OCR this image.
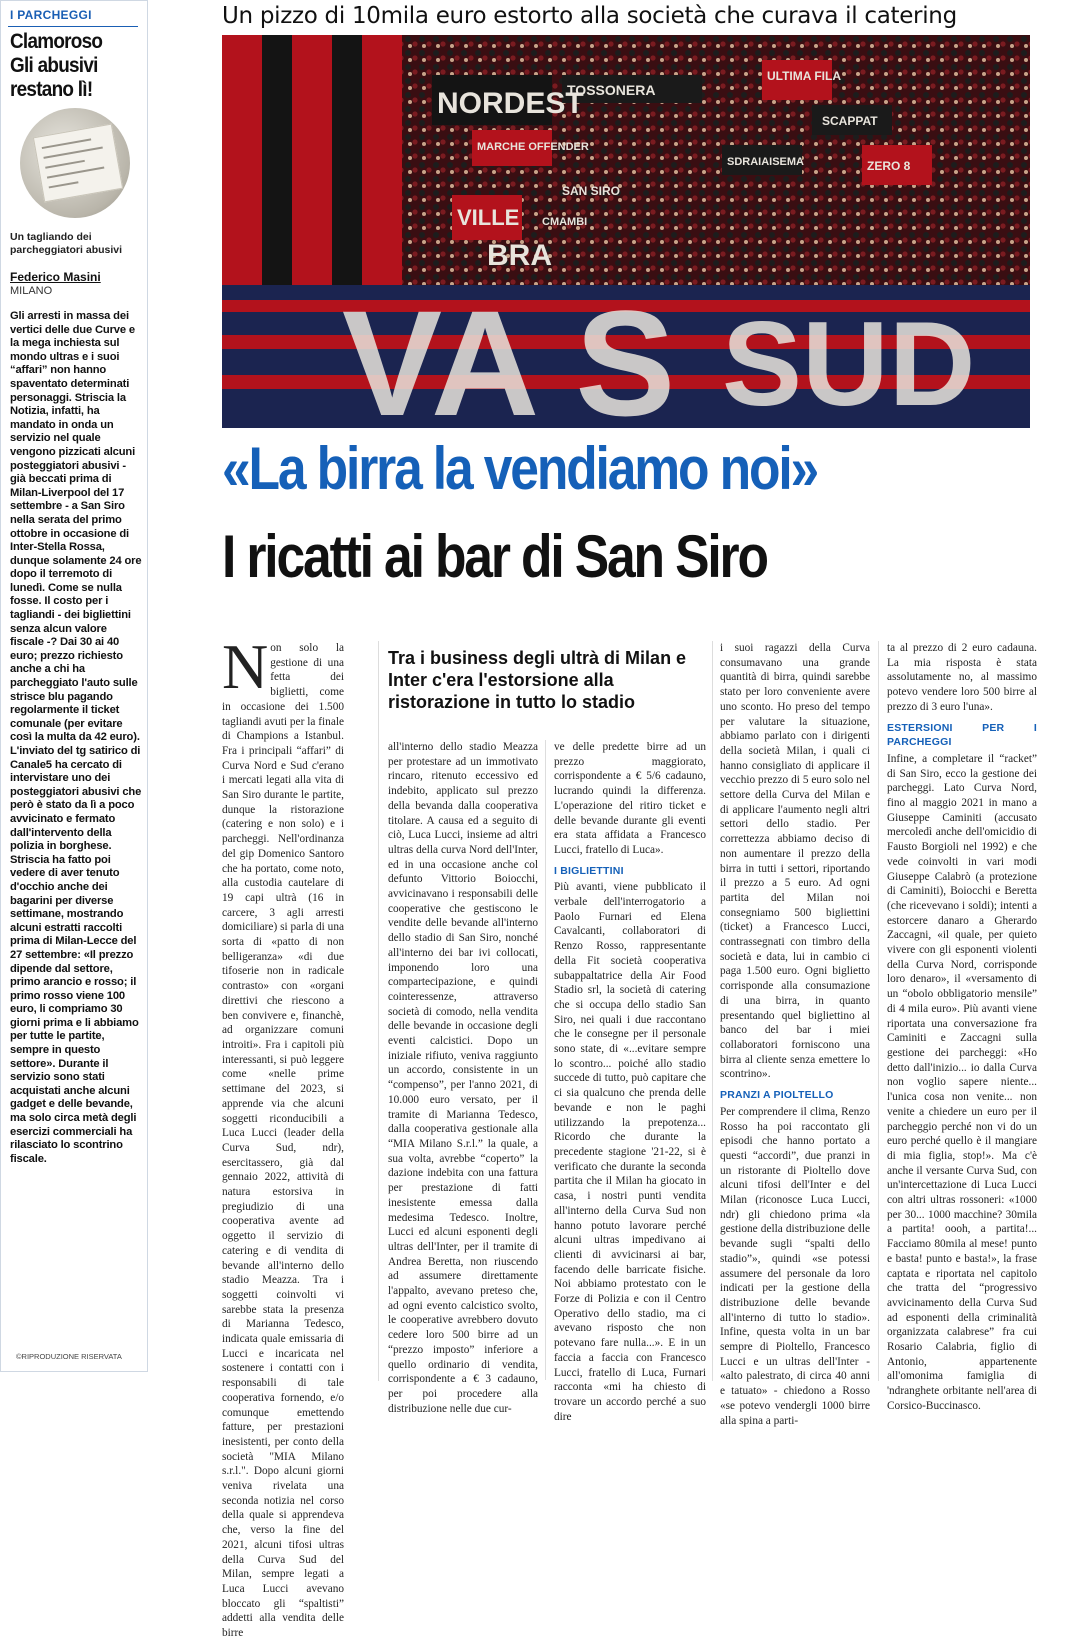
I PARCHEGGI
Clamoroso Gli abusivi restano lì!
Un tagliando dei parcheggiatori abusivi
Federico Masini
MILANO
Gli arresti in massa dei vertici delle due Curve e la mega inchiesta sul mondo ultras e i suoi “affari” non hanno spaventato determinati personaggi. Striscia la Notizia, infatti, ha mandato in onda un servizio nel quale vengono pizzicati alcuni posteggiatori abusivi - già beccati prima di Milan-Liverpool del 17 settembre - a San Siro nella serata del primo ottobre in occasione di Inter-Stella Rossa, dunque solamente 24 ore dopo il terremoto di lunedì. Come se nulla fosse. Il costo per i tagliandi - dei bigliettini senza alcun valore fiscale -? Dai 30 ai 40 euro; prezzo richiesto anche a chi ha parcheggiato l'auto sulle strisce blu pagando regolarmente il ticket comunale (per evitare così la multa da 42 euro). L'inviato del tg satirico di Canale5 ha cercato di intervistare uno dei posteggiatori abusivi che però è stato da lì a poco avvicinato e fermato dall'intervento della polizia in borghese. Striscia ha fatto poi vedere di aver tenuto d'occhio anche dei bagarini per diverse settimane, mostrando alcuni estratti raccolti prima di Milan-Lecce del 27 settembre: «Il prezzo dipende dal settore, primo arancio e rosso; il primo rosso viene 100 euro, li compriamo 30 giorni prima e li abbiamo per tutte le partite, sempre in questo settore». Durante il servizio sono stati acquistati anche alcuni gadget e delle bevande, ma solo circa metà degli esercizi commerciali ha rilasciato lo scontrino fiscale.
©RIPRODUZIONE RISERVATA
Un pizzo di 10mila euro estorto alla società che curava il catering
VA S SUD
NORDEST
ULTIMA FILA
MARCHE OFFENDER
TOSSONERA
VILLE
BRA
ZERO 8
SCAPPAT
SDRAIAISEMA
SAN SIRO
CMAMBI
«La birra la vendiamo noi»
I ricatti ai bar di San Siro
N on solo la gestione di una fetta dei biglietti, come in occasione dei 1.500 tagliandi avuti per la finale di Champions a Istanbul. Fra i principali “affari” di Curva Nord e Sud c'erano i mercati legati alla vita di San Siro durante le partite, dunque la ristorazione (catering e non solo) e i parcheggi. Nell'ordinanza del gip Domenico Santoro che ha portato, come noto, alla custodia cautelare di 19 capi ultrà (16 in carcere, 3 agli arresti domiciliare) si parla di una sorta di «patto di non belligeranza» «di due tifoserie non in radicale contrasto» con «organi direttivi che riescono a ben convivere e, financhè, ad organizzare comuni introiti». Fra i capitoli più interessanti, si può leggere come «nelle prime settimane del 2023, si apprende via che alcuni soggetti riconducibili a Luca Lucci (leader della Curva Sud, ndr), esercitassero, già dal gennaio 2022, attività di natura estorsiva in pregiudizio di una cooperativa avente ad oggetto il servizio di catering e di vendita di bevande all'interno dello stadio Meazza. Tra i soggetti coinvolti vi sarebbe stata la presenza di Marianna Tedesco, indicata quale emissaria di Lucci e incaricata nel sostenere i contatti con i responsabili di tale cooperativa fornendo, e/o comunque emettendo fatture, per prestazioni inesistenti, per conto della società "MIA Milano s.r.l.". Dopo alcuni giorni veniva rivelata una seconda notizia nel corso della quale si apprendeva che, verso la fine del 2021, alcuni tifosi ultras della Curva Sud del Milan, sempre legati a Luca Lucci avevano bloccato gli “spaltisti” addetti alla vendita delle birre
Tra i business degli ultrà di Milan e Inter c'era l'estorsione alla ristorazione in tutto lo stadio

all'interno dello stadio Meazza per protestare ad un immotivato rincaro, ritenuto eccessivo ed indebito, applicato sul prezzo della bevanda dalla cooperativa titolare. A causa ed a seguito di ciò, Luca Lucci, insieme ad altri ultras della curva Nord dell'Inter, ed in una occasione anche col defunto Vittorio Boiocchi, avvicinavano i responsabili delle cooperative che gestiscono le vendite delle bevande all'interno dello stadio di San Siro, nonché all'interno dei bar ivi collocati, imponendo loro una compartecipazione, e quindi cointeressenze, attraverso società di comodo, nella vendita delle bevande in occasione degli eventi calcistici. Dopo un iniziale rifiuto, veniva raggiunto un accordo, consistente in un “compenso”, per l'anno 2021, di 10.000 euro versato, per il tramite di Marianna Tedesco, dalla cooperativa gestionale alla “MIA Milano S.r.l.” la quale, a sua volta, avrebbe “coperto” la dazione indebita con una fattura per prestazione di fatti inesistente emessa dalla medesima Tedesco. Inoltre, Lucci ed alcuni esponenti degli ultras dell'Inter, per il tramite di Andrea Beretta, non riuscendo ad assumere direttamente l'appalto, avevano preteso che, ad ogni evento calcistico svolto, le cooperative avrebbero dovuto cedere loro 500 birre ad un “prezzo imposto” inferiore a quello ordinario di vendita, corrispondente a € 3 cadauno, per poi procedere alla distribuzione nelle due cur-

ve delle predette birre ad un prezzo maggiorato, corrispondente a € 5/6 cadauno, lucrando quindi la differenza. L'operazione del ritiro ticket e delle bevande durante gli eventi era stata affidata a Francesco Lucci, fratello di Luca».

I BIGLIETTINI

Più avanti, viene pubblicato il verbale dell'interrogatorio a Paolo Furnari ed Elena Cavalcanti, collaboratori di Renzo Rosso, rappresentante della Fit società cooperativa subappaltatrice della Air Food Stadio srl, la società di catering che si occupa dello stadio San Siro, nei quali i due raccontano che le consegne per il personale sono state, di «...evitare sempre lo scontro... poiché allo stadio succede di tutto, può capitare che ci sia qualcuno che prenda delle bevande e non le paghi utilizzando la prepotenza... Ricordo che durante la precedente stagione '21-22, si è verificato che durante la seconda partita che il Milan ha giocato in casa, i nostri punti vendita all'interno della Curva Sud non hanno potuto lavorare perché alcuni ultras impedivano ai clienti di avvicinarsi ai bar, facendo delle barricate fisiche. Noi abbiamo protestato con le Forze di Polizia e con il Centro Operativo dello stadio, ma ci avevano risposto che non potevano fare nulla...». E in un faccia a faccia con Francesco Lucci, fratello di Luca, Furnari racconta «mi ha chiesto di trovare un accordo perché a suo dire

i suoi ragazzi della Curva consumavano una grande quantità di birra, quindi sarebbe stato per loro conveniente avere uno sconto. Ho preso del tempo per valutare la situazione, abbiamo parlato con i dirigenti della società Milan, i quali ci hanno consigliato di applicare il vecchio prezzo di 5 euro solo nel settore della Curva del Milan e di applicare l'aumento negli altri settori dello stadio. Per correttezza abbiamo deciso di non aumentare il prezzo della birra in tutti i settori, riportando il prezzo a 5 euro. Ad ogni partita del Milan noi consegniamo 500 bigliettini (ticket) a Francesco Lucci, contrassegnati con timbro della società e data, lui in cambio ci paga 1.500 euro. Ogni biglietto corrisponde alla consumazione di una birra, in quanto presentando quel bigliettino al banco del bar i miei collaboratori forniscono una birra al cliente senza emettere lo scontrino».

PRANZI A PIOLTELLO

Per comprendere il clima, Renzo Rosso ha poi raccontato gli episodi che hanno portato a questi “accordi”, due pranzi in un ristorante di Pioltello dove alcuni tifosi dell'Inter e del Milan (riconosce Luca Lucci, ndr) gli chiedono prima «la gestione della distribuzione delle bevande sugli “spalti dello stadio”», quindi «se potessi assumere del personale da loro indicati per la gestione della distribuzione delle bevande all'interno di tutto lo stadio». Infine, questa volta in un bar sempre di Pioltello, Francesco Lucci e un ultras dell'Inter - «alto palestrato, di circa 40 anni e tatuato» - chiedono a Rosso «se potevo vendergli 1000 birre alla spina a parti-

ta al prezzo di 2 euro cadauna. La mia risposta è stata assolutamente no, al massimo potevo vendere loro 500 birre al prezzo di 3 euro l'una».

ESTERSIONI PER I PARCHEGGI

Infine, a completare il “racket” di San Siro, ecco la gestione dei parcheggi. Lato Curva Nord, fino al maggio 2021 in mano a Giuseppe Caminiti (accusato mercoledì anche dell'omicidio di Fausto Borgioli nel 1992) e che vede coinvolti in vari modi Giuseppe Calabrò (a protezione di Caminiti), Boiocchi e Beretta (che ricevevano i soldi); intenti a estorcere danaro a Gherardo Zaccagni, «il quale, per quieto vivere con gli esponenti violenti della Curva Nord, corrisponde loro denaro», il «versamento di un “obolo obbligatorio mensile” di 4 mila euro». Più avanti viene riportata una conversazione fra Caminiti e Zaccagni sulla gestione dei parcheggi: «Ho detto dall'inizio... io dalla Curva non voglio sapere niente... l'unica cosa non venite... non venite a chiedere un euro per il parcheggio perché non vi do un euro perché quello è il mangiare di mia figlia, stop!». Ma c'è anche il versante Curva Sud, con un'intercettazione di Luca Lucci con altri ultras rossoneri: «1000 per 30... 1000 macchine? 30mila a partita! oooh, a partita!... Facciamo 80mila al mese! punto e basta! punto e basta!», la frase captata e riportata nel capitolo che tratta del “progressivo avvicinamento della Curva Sud ad esponenti della criminalità organizzata calabrese” fra cui Rosario Calabria, figlio di Antonio, appartenente all'omonima famiglia di 'ndranghete orbitante nell'area di Corsico-Buccinasco.
